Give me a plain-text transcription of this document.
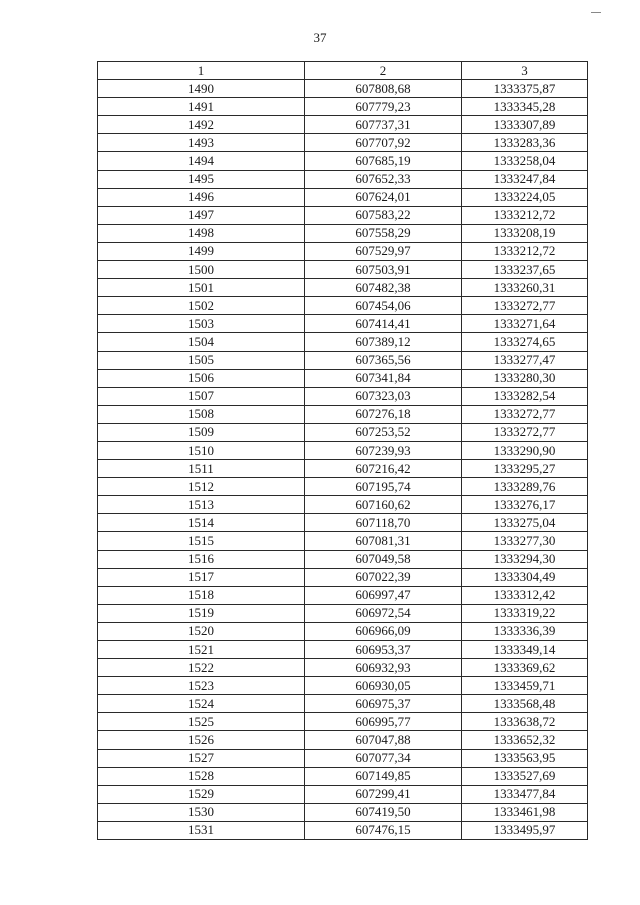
37
1	2	3
1490	607808,68	1333375,87
1491	607779,23	1333345,28
1492	607737,31	1333307,89
1493	607707,92	1333283,36
1494	607685,19	1333258,04
1495	607652,33	1333247,84
1496	607624,01	1333224,05
1497	607583,22	1333212,72
1498	607558,29	1333208,19
1499	607529,97	1333212,72
1500	607503,91	1333237,65
1501	607482,38	1333260,31
1502	607454,06	1333272,77
1503	607414,41	1333271,64
1504	607389,12	1333274,65
1505	607365,56	1333277,47
1506	607341,84	1333280,30
1507	607323,03	1333282,54
1508	607276,18	1333272,77
1509	607253,52	1333272,77
1510	607239,93	1333290,90
1511	607216,42	1333295,27
1512	607195,74	1333289,76
1513	607160,62	1333276,17
1514	607118,70	1333275,04
1515	607081,31	1333277,30
1516	607049,58	1333294,30
1517	607022,39	1333304,49
1518	606997,47	1333312,42
1519	606972,54	1333319,22
1520	606966,09	1333336,39
1521	606953,37	1333349,14
1522	606932,93	1333369,62
1523	606930,05	1333459,71
1524	606975,37	1333568,48
1525	606995,77	1333638,72
1526	607047,88	1333652,32
1527	607077,34	1333563,95
1528	607149,85	1333527,69
1529	607299,41	1333477,84
1530	607419,50	1333461,98
1531	607476,15	1333495,97
